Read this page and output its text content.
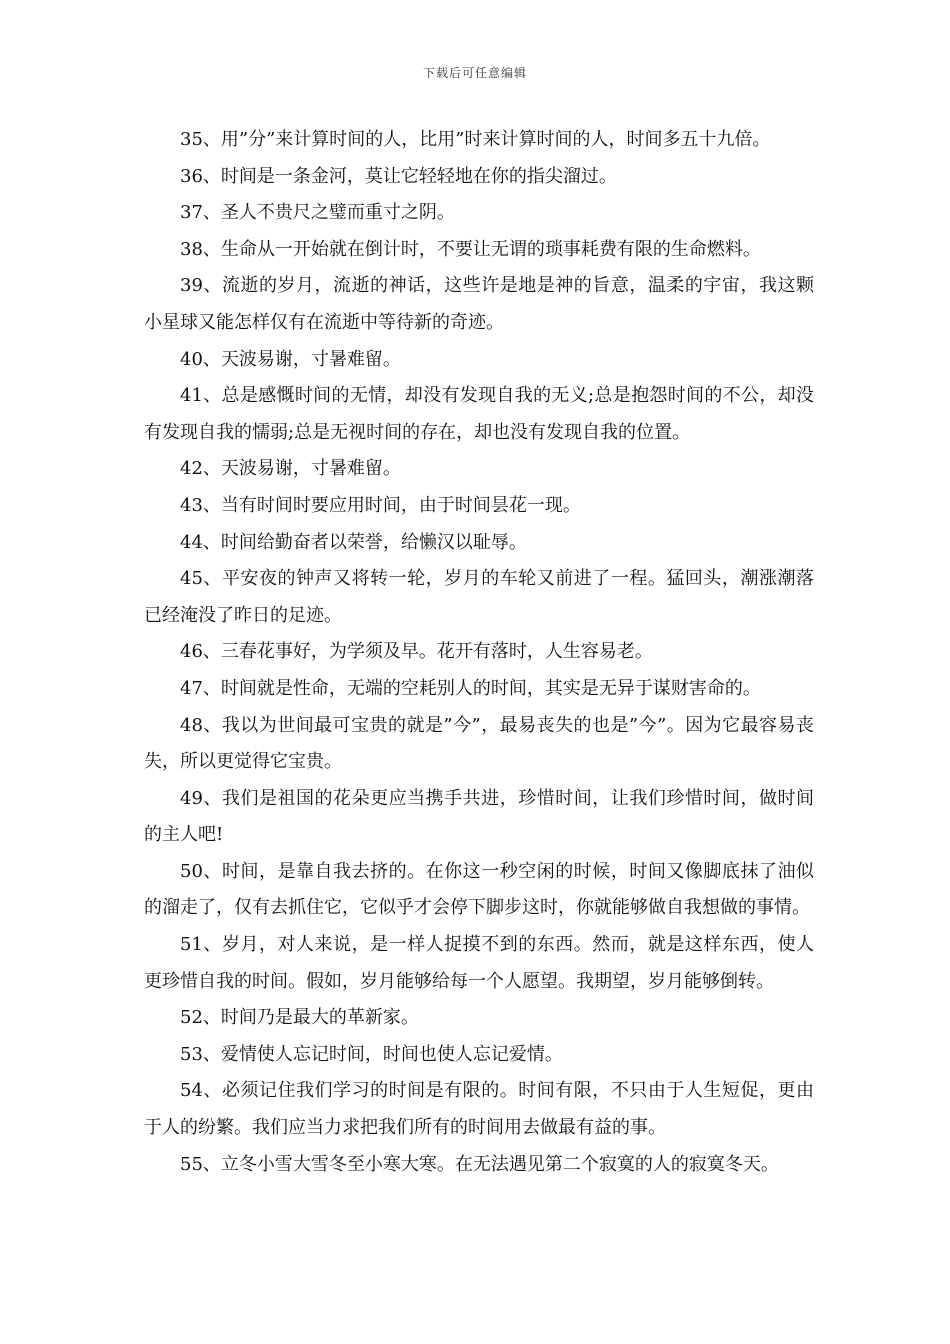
下载后可任意编辑

35、用”分”来计算时间的人，比用”时来计算时间的人，时间多五十九倍。

36、时间是一条金河，莫让它轻轻地在你的指尖溜过。

37、圣人不贵尺之璧而重寸之阴。

38、生命从一开始就在倒计时，不要让无谓的琐事耗费有限的生命燃料。

39、流逝的岁月，流逝的神话，这些许是地是神的旨意，温柔的宇宙，我这颗小星球又能怎样仅有在流逝中等待新的奇迹。

40、天波易谢，寸暑难留。

41、总是感慨时间的无情，却没有发现自我的无义;总是抱怨时间的不公，却没有发现自我的懦弱;总是无视时间的存在，却也没有发现自我的位置。

42、天波易谢，寸暑难留。

43、当有时间时要应用时间，由于时间昙花一现。

44、时间给勤奋者以荣誉，给懒汉以耻辱。

45、平安夜的钟声又将转一轮，岁月的车轮又前进了一程。猛回头，潮涨潮落已经淹没了昨日的足迹。

46、三春花事好，为学须及早。花开有落时，人生容易老。

47、时间就是性命，无端的空耗别人的时间，其实是无异于谋财害命的。

48、我以为世间最可宝贵的就是”今”，最易丧失的也是”今”。因为它最容易丧失，所以更觉得它宝贵。

49、我们是祖国的花朵更应当携手共进，珍惜时间，让我们珍惜时间，做时间的主人吧!

50、时间，是靠自我去挤的。在你这一秒空闲的时候，时间又像脚底抹了油似的溜走了，仅有去抓住它，它似乎才会停下脚步这时，你就能够做自我想做的事情。

51、岁月，对人来说，是一样人捉摸不到的东西。然而，就是这样东西，使人更珍惜自我的时间。假如，岁月能够给每一个人愿望。我期望，岁月能够倒转。

52、时间乃是最大的革新家。

53、爱情使人忘记时间，时间也使人忘记爱情。

54、必须记住我们学习的时间是有限的。时间有限，不只由于人生短促，更由于人的纷繁。我们应当力求把我们所有的时间用去做最有益的事。

55、立冬小雪大雪冬至小寒大寒。在无法遇见第二个寂寞的人的寂寞冬天。
